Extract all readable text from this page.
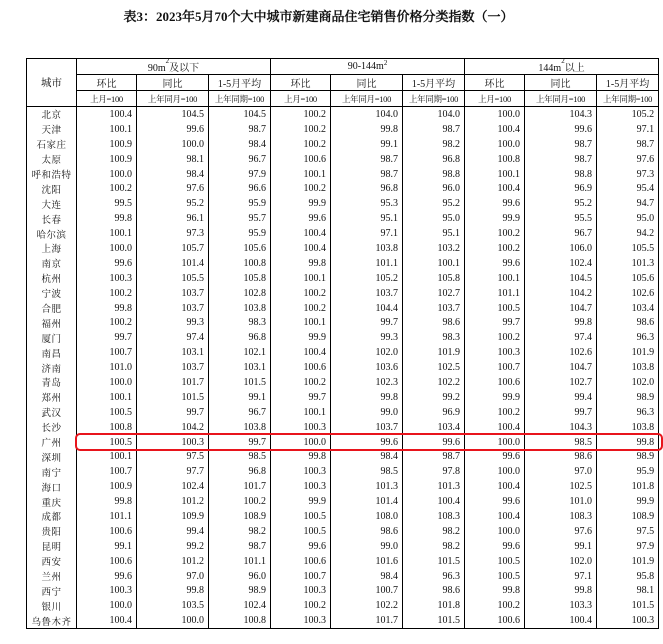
表3：2023年5月70个大中城市新建商品住宅销售价格分类指数（一）
城市	$90m^2$及以下			$90-144m^2$			$144m^2$以上		
	环比	同比	1-5月平均	环比	同比	1-5月平均	环比	同比	1-5月平均
	上月=100	上年同月=100	上年同期=100	上月=100	上年同月=100	上年同期=100	上月=100	上年同月=100	上年同期=100
北京	100.4	104.5	104.5	100.2	104.0	104.0	100.0	104.3	105.2
天津	100.1	99.6	98.7	100.2	99.8	98.7	100.4	99.6	97.1
石家庄	100.9	100.0	98.4	100.2	99.1	98.2	100.0	98.7	98.7
太原	100.9	98.1	96.7	100.6	98.7	96.8	100.8	98.7	97.6
呼和浩特	100.0	98.4	97.9	100.1	98.7	98.8	100.1	98.8	97.3
沈阳	100.2	97.6	96.6	100.2	96.8	96.0	100.4	96.9	95.4
大连	99.5	95.2	95.9	99.9	95.3	95.2	99.6	95.2	94.7
长春	99.8	96.1	95.7	99.6	95.1	95.0	99.9	95.5	95.0
哈尔滨	100.1	97.3	95.9	100.4	97.1	95.1	100.2	96.7	94.2
上海	100.0	105.7	105.6	100.4	103.8	103.2	100.2	106.0	105.5
南京	99.6	101.4	100.8	99.8	101.1	100.1	99.6	102.4	101.3
杭州	100.3	105.5	105.8	100.1	105.2	105.8	100.1	104.5	105.6
宁波	100.2	103.7	102.8	100.2	103.7	102.7	101.1	104.2	102.6
合肥	99.8	103.7	103.8	100.2	104.4	103.7	100.5	104.7	103.4
福州	100.2	99.3	98.3	100.1	99.7	98.6	99.7	99.8	98.6
厦门	99.7	97.4	96.8	99.9	99.3	98.3	100.2	97.4	96.3
南昌	100.7	103.1	102.1	100.4	102.0	101.9	100.3	102.6	101.9
济南	101.0	103.7	103.1	100.6	103.6	102.5	100.7	104.7	103.8
青岛	100.0	101.7	101.5	100.2	102.3	102.2	100.6	102.7	102.0
郑州	100.1	101.5	99.1	99.7	99.8	99.2	99.9	99.4	98.9
武汉	100.5	99.7	96.7	100.1	99.0	96.9	100.2	99.7	96.3
长沙	100.8	104.2	103.8	100.3	103.7	103.4	100.4	104.3	103.8
广州	100.5	100.3	99.7	100.0	99.6	99.6	100.0	98.5	99.8
深圳	100.1	97.5	98.5	99.8	98.4	98.7	99.6	98.6	98.9
南宁	100.7	97.7	96.8	100.3	98.5	97.8	100.0	97.0	95.9
海口	100.9	102.4	101.7	100.3	101.3	101.3	100.4	102.5	101.8
重庆	99.8	101.2	100.2	99.9	101.4	100.4	99.6	101.0	99.9
成都	101.1	109.9	108.9	100.5	108.0	108.3	100.4	108.3	108.9
贵阳	100.6	99.4	98.2	100.5	98.6	98.2	100.0	97.6	97.5
昆明	99.1	99.2	98.7	99.6	99.0	98.2	99.6	99.1	97.9
西安	100.6	101.2	101.1	100.6	101.6	101.5	100.5	102.0	101.9
兰州	99.6	97.0	96.0	100.7	98.4	96.3	100.5	97.1	95.8
西宁	100.3	99.8	98.9	100.3	100.7	98.6	99.8	99.8	98.1
银川	100.0	103.5	102.4	100.2	102.2	101.8	100.2	103.3	101.5
乌鲁木齐	100.4	100.0	100.8	100.3	101.7	101.5	100.6	100.4	100.3
